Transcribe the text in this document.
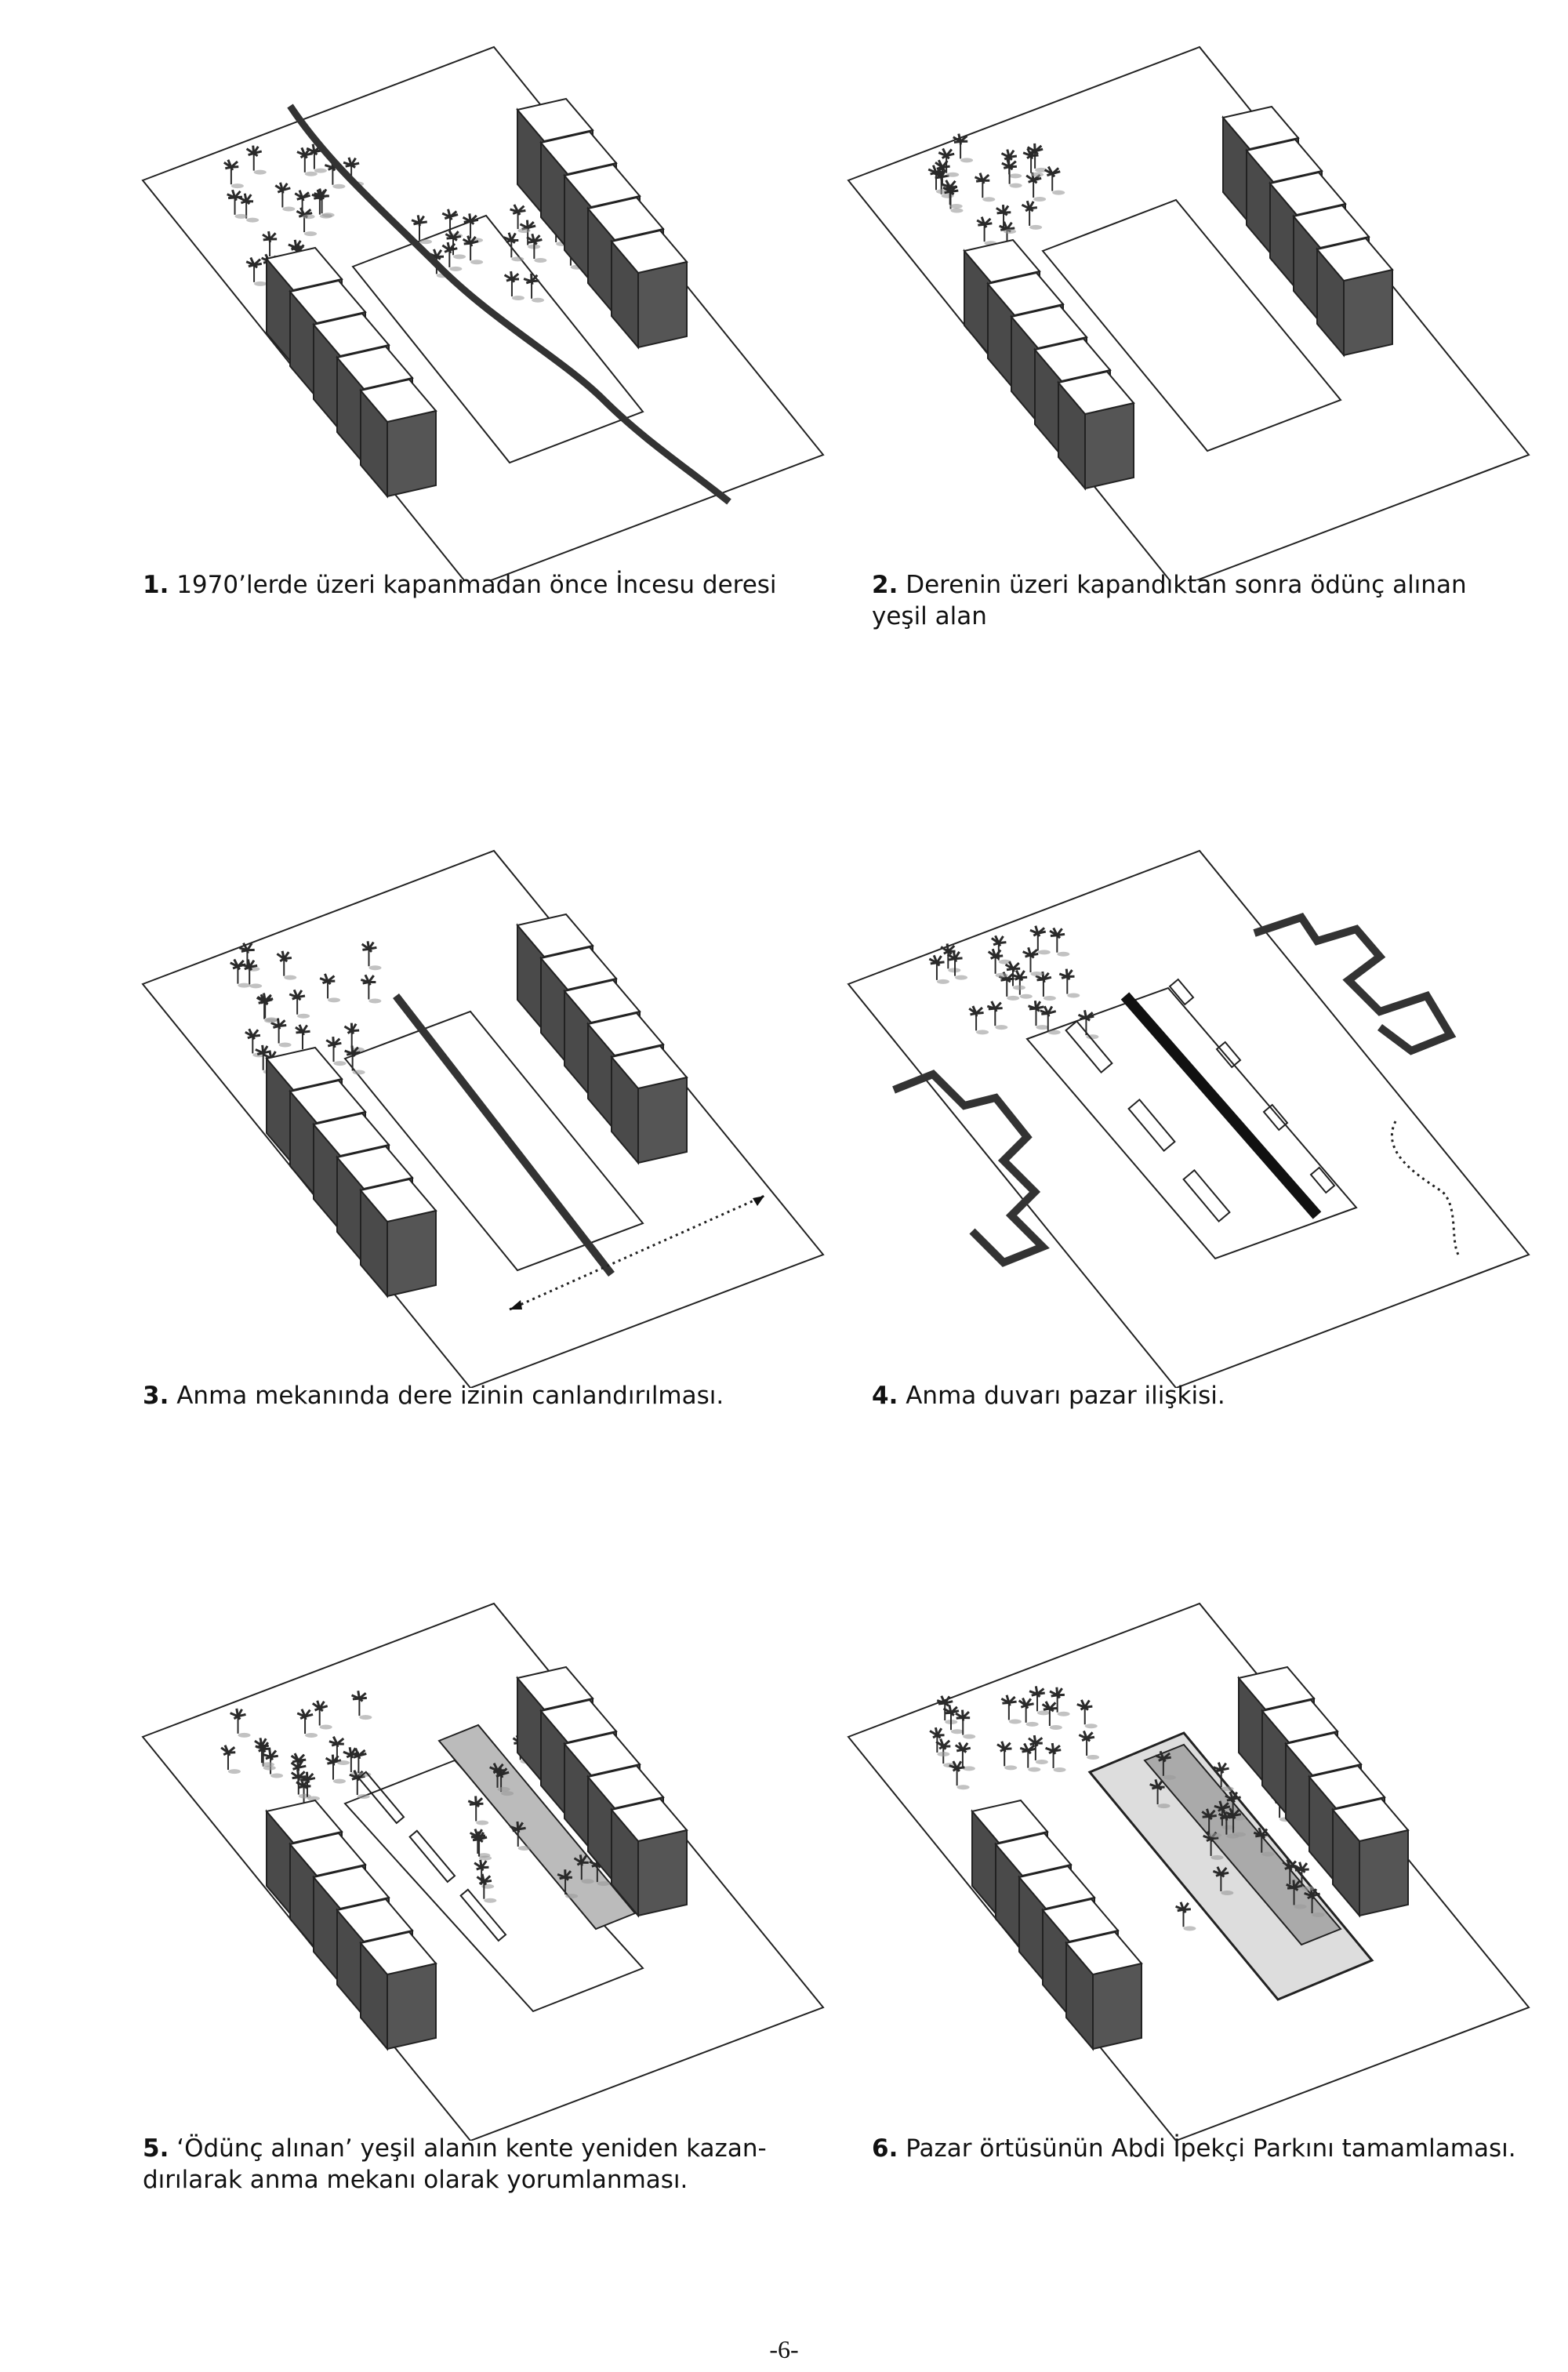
1. 1970’lerde üzeri kapanmadan önce İncesu deresi	2. Derenin üzeri kapandıktan sonra ödünç alınan
yeşil alan
3. Anma mekanında dere izinin canlandırılması.	4. Anma duvarı pazar ilişkisi.

5. ‘Ödünç alınan’ yeşil alanın kente yeniden kazan-
dırılarak anma mekanı olarak yorumlanması.
6. Pazar örtüsünün Abdi İpekçi Parkını tamamlaması.

-6-
